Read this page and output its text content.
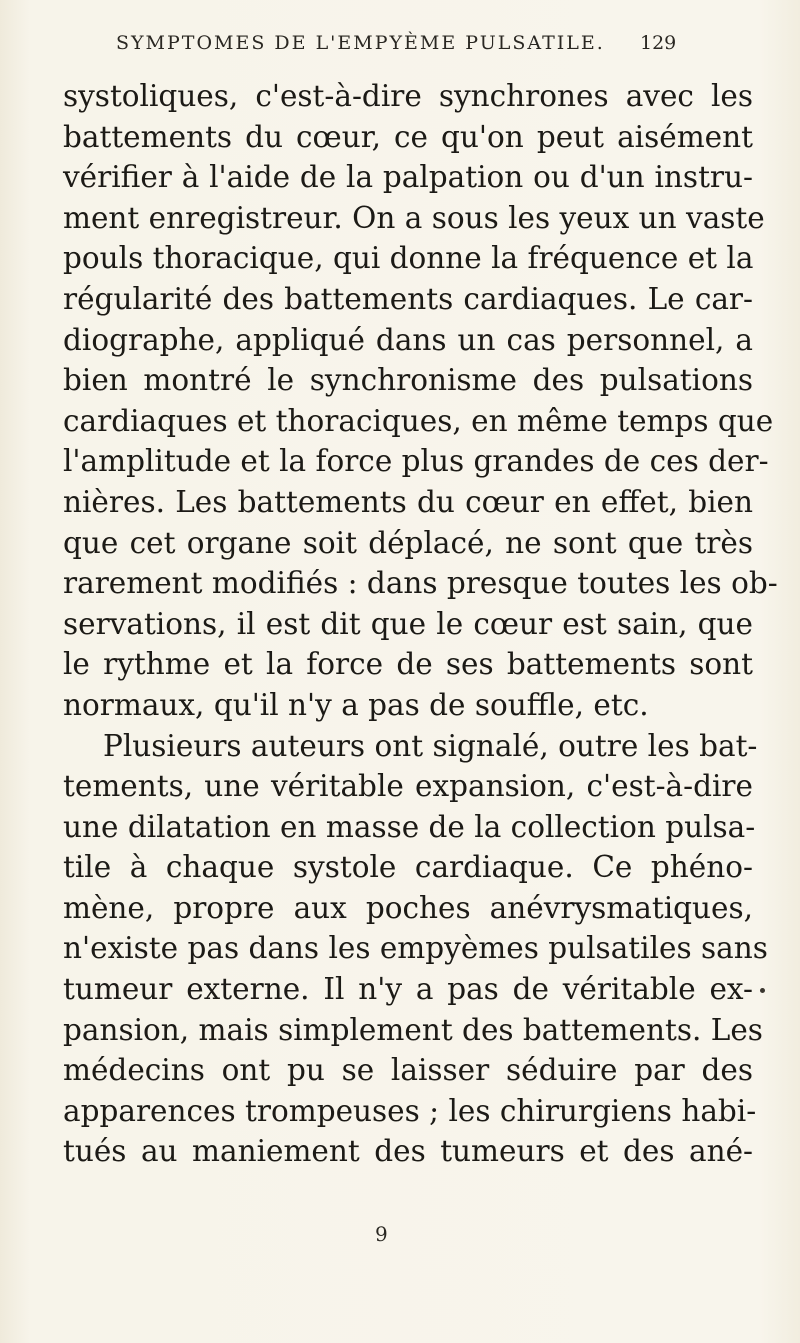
SYMPTOMES DE L'EMPYÈME PULSATILE.	129
systoliques, c'est-à-dire synchrones avec les
battements du cœur, ce qu'on peut aisément
vérifier à l'aide de la palpation ou d'un instru-
ment enregistreur. On a sous les yeux un vaste
pouls thoracique, qui donne la fréquence et la
régularité des battements cardiaques. Le car-
diographe, appliqué dans un cas personnel, a
bien montré le synchronisme des pulsations
cardiaques et thoraciques, en même temps que
l'amplitude et la force plus grandes de ces der-
nières. Les battements du cœur en effet, bien
que cet organe soit déplacé, ne sont que très
rarement modifiés : dans presque toutes les ob-
servations, il est dit que le cœur est sain, que
le rythme et la force de ses battements sont
normaux, qu'il n'y a pas de souffle, etc.
Plusieurs auteurs ont signalé, outre les bat-
tements, une véritable expansion, c'est-à-dire
une dilatation en masse de la collection pulsa-
tile à chaque systole cardiaque. Ce phéno-
mène, propre aux poches anévrysmatiques,
n'existe pas dans les empyèmes pulsatiles sans
tumeur externe. Il n'y a pas de véritable ex-
pansion, mais simplement des battements. Les
médecins ont pu se laisser séduire par des
apparences trompeuses ; les chirurgiens habi-
tués au maniement des tumeurs et des ané-
9
